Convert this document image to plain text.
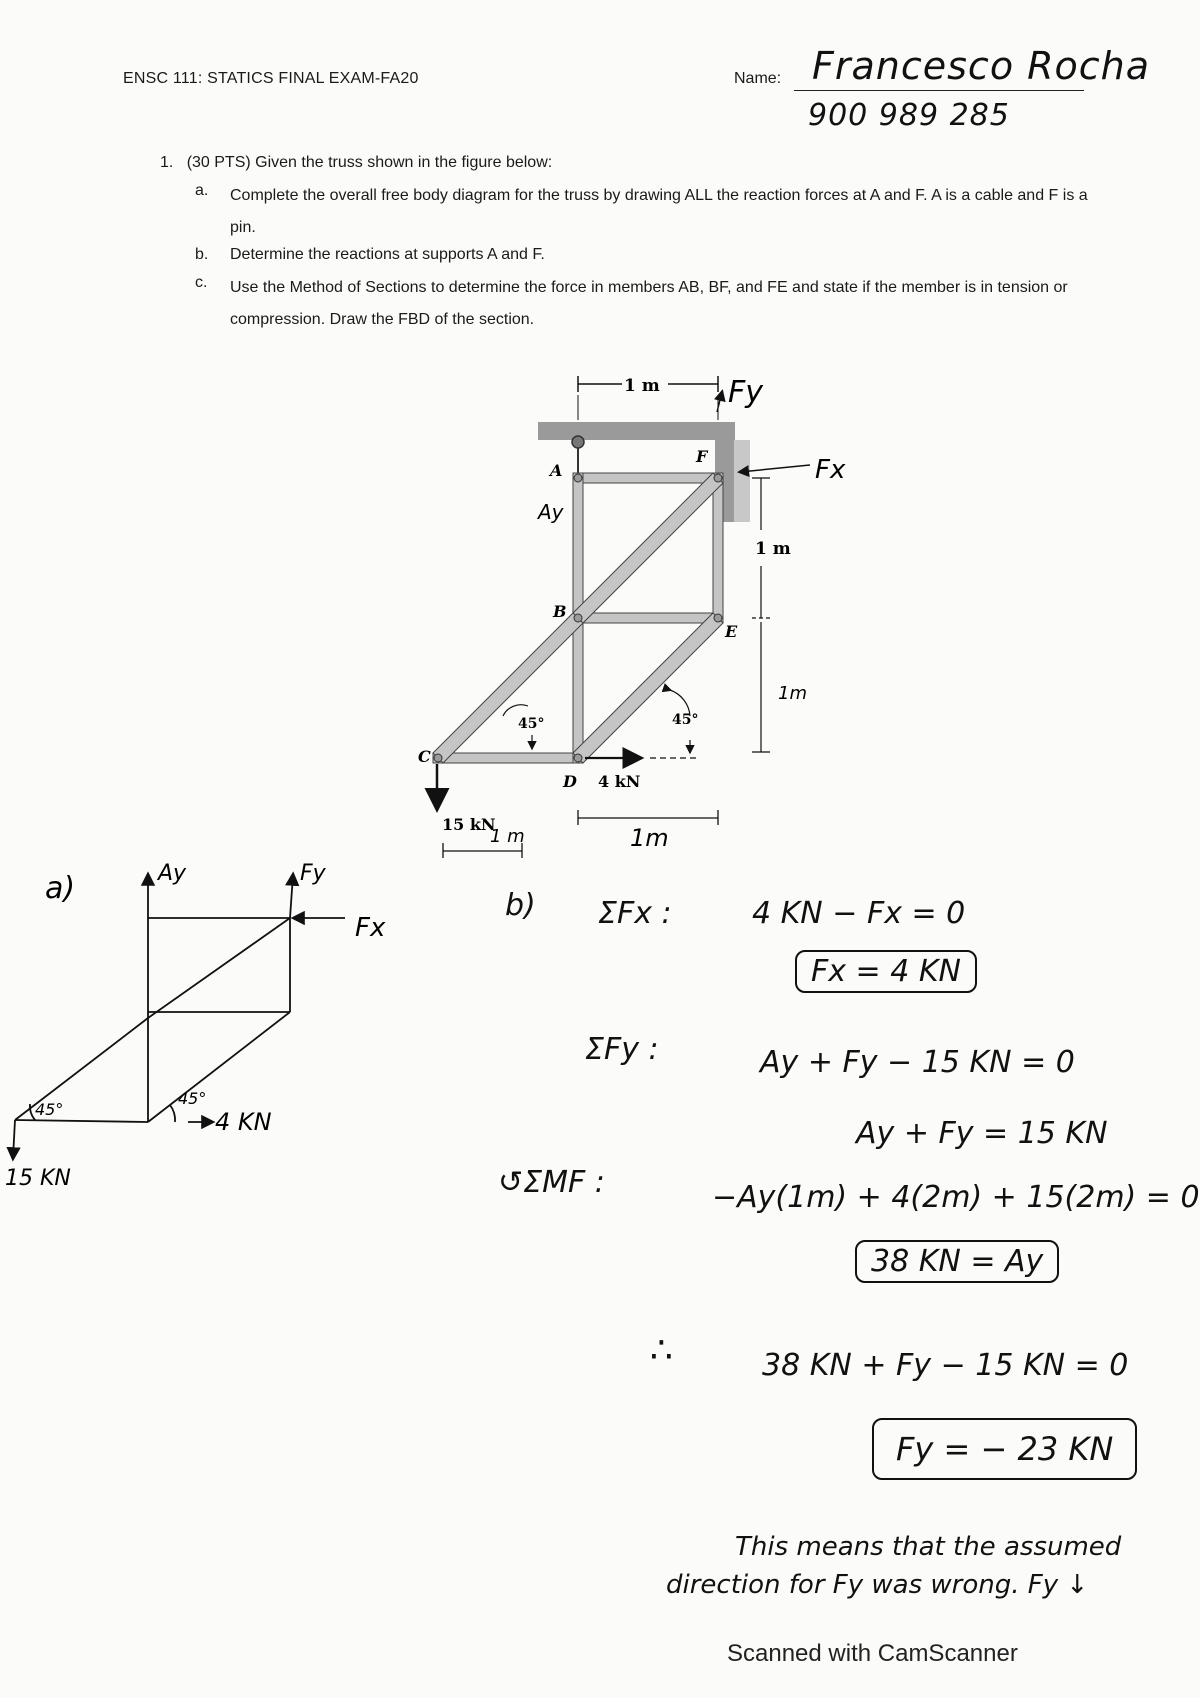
ENSC 111: STATICS FINAL EXAM-FA20	Name: Francesco Rocha
900 989 285
1. (30 PTS) Given the truss shown in the figure below:
a. Complete the overall free body diagram for the truss by drawing ALL the reaction forces at A and F. A is a cable and F is a pin.
b. Determine the reactions at supports A and F.
c. Use the Method of Sections to determine the force in members AB, BF, and FE and state if the member is in tension or compression. Draw the FBD of the section.
1 m
A
F
B
E
C
D
45°	45°
4 kN
15 kN
1 m
Fy
Fx
Ay
1m
1 m	1m
a)	Ay	Fy
Fx
45°
45°
4 KN
15 KN
b) ΣFx :	4 KN − Fx = 0
Fx = 4 KN
ΣFy :	Ay + Fy − 15 KN = 0
Ay + Fy = 15 KN
↺ΣMF :	−Ay(1m) + 4(2m) + 15(2m) = 0
38 KN = Ay
∴	38 KN + Fy − 15 KN = 0
Fy = − 23 KN
This means that the assumed
direction for Fy was wrong. Fy ↓
Scanned with CamScanner
